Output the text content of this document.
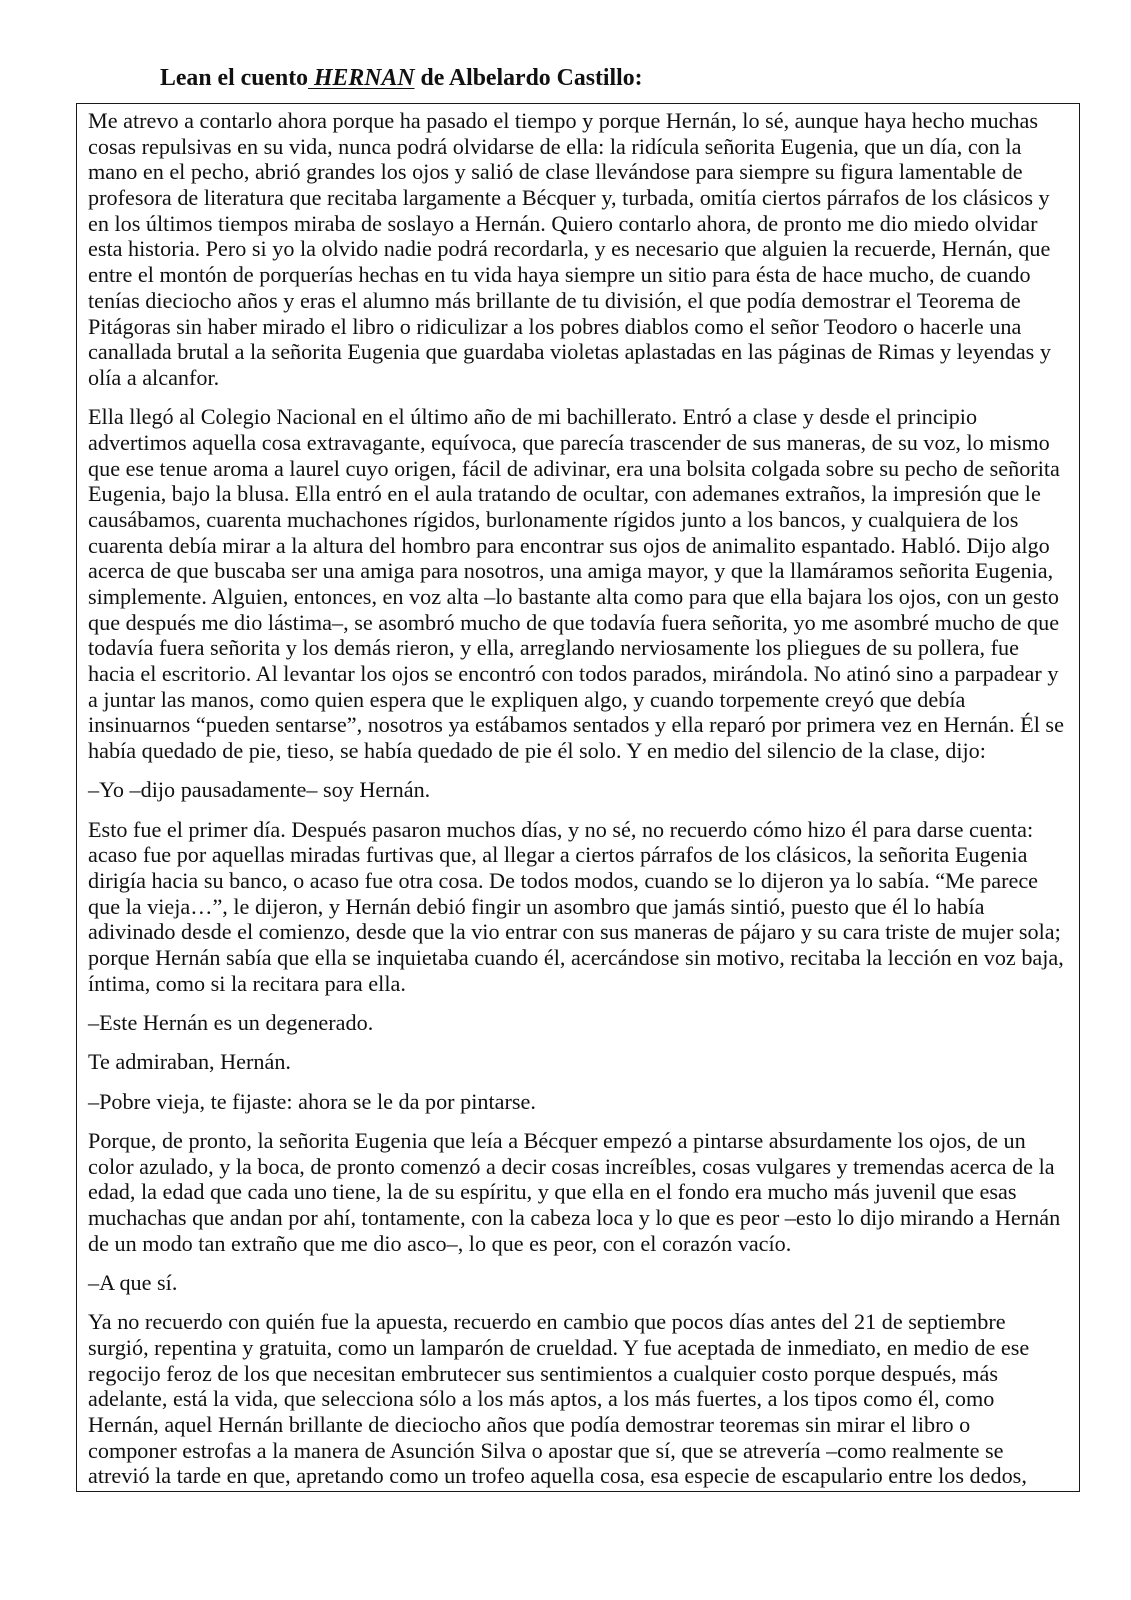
Lean el cuento HERNAN de Albelardo Castillo:
Me atrevo a contarlo ahora porque ha pasado el tiempo y porque Hernán, lo sé, aunque haya hecho muchas
cosas repulsivas en su vida, nunca podrá olvidarse de ella: la ridícula señorita Eugenia, que un día, con la
mano en el pecho, abrió grandes los ojos y salió de clase llevándose para siempre su figura lamentable de
profesora de literatura que recitaba largamente a Bécquer y, turbada, omitía ciertos párrafos de los clásicos y
en los últimos tiempos miraba de soslayo a Hernán. Quiero contarlo ahora, de pronto me dio miedo olvidar
esta historia. Pero si yo la olvido nadie podrá recordarla, y es necesario que alguien la recuerde, Hernán, que
entre el montón de porquerías hechas en tu vida haya siempre un sitio para ésta de hace mucho, de cuando
tenías dieciocho años y eras el alumno más brillante de tu división, el que podía demostrar el Teorema de
Pitágoras sin haber mirado el libro o ridiculizar a los pobres diablos como el señor Teodoro o hacerle una
canallada brutal a la señorita Eugenia que guardaba violetas aplastadas en las páginas de Rimas y leyendas y
olía a alcanfor.
Ella llegó al Colegio Nacional en el último año de mi bachillerato. Entró a clase y desde el principio
advertimos aquella cosa extravagante, equívoca, que parecía trascender de sus maneras, de su voz, lo mismo
que ese tenue aroma a laurel cuyo origen, fácil de adivinar, era una bolsita colgada sobre su pecho de señorita
Eugenia, bajo la blusa. Ella entró en el aula tratando de ocultar, con ademanes extraños, la impresión que le
causábamos, cuarenta muchachones rígidos, burlonamente rígidos junto a los bancos, y cualquiera de los
cuarenta debía mirar a la altura del hombro para encontrar sus ojos de animalito espantado. Habló. Dijo algo
acerca de que buscaba ser una amiga para nosotros, una amiga mayor, y que la llamáramos señorita Eugenia,
simplemente. Alguien, entonces, en voz alta –lo bastante alta como para que ella bajara los ojos, con un gesto
que después me dio lástima–, se asombró mucho de que todavía fuera señorita, yo me asombré mucho de que
todavía fuera señorita y los demás rieron, y ella, arreglando nerviosamente los pliegues de su pollera, fue
hacia el escritorio. Al levantar los ojos se encontró con todos parados, mirándola. No atinó sino a parpadear y
a juntar las manos, como quien espera que le expliquen algo, y cuando torpemente creyó que debía
insinuarnos “pueden sentarse”, nosotros ya estábamos sentados y ella reparó por primera vez en Hernán. Él se
había quedado de pie, tieso, se había quedado de pie él solo. Y en medio del silencio de la clase, dijo:
–Yo –dijo pausadamente– soy Hernán.
Esto fue el primer día. Después pasaron muchos días, y no sé, no recuerdo cómo hizo él para darse cuenta:
acaso fue por aquellas miradas furtivas que, al llegar a ciertos párrafos de los clásicos, la señorita Eugenia
dirigía hacia su banco, o acaso fue otra cosa. De todos modos, cuando se lo dijeron ya lo sabía. “Me parece
que la vieja…”, le dijeron, y Hernán debió fingir un asombro que jamás sintió, puesto que él lo había
adivinado desde el comienzo, desde que la vio entrar con sus maneras de pájaro y su cara triste de mujer sola;
porque Hernán sabía que ella se inquietaba cuando él, acercándose sin motivo, recitaba la lección en voz baja,
íntima, como si la recitara para ella.
–Este Hernán es un degenerado.
Te admiraban, Hernán.
–Pobre vieja, te fijaste: ahora se le da por pintarse.
Porque, de pronto, la señorita Eugenia que leía a Bécquer empezó a pintarse absurdamente los ojos, de un
color azulado, y la boca, de pronto comenzó a decir cosas increíbles, cosas vulgares y tremendas acerca de la
edad, la edad que cada uno tiene, la de su espíritu, y que ella en el fondo era mucho más juvenil que esas
muchachas que andan por ahí, tontamente, con la cabeza loca y lo que es peor –esto lo dijo mirando a Hernán
de un modo tan extraño que me dio asco–, lo que es peor, con el corazón vacío.
–A que sí.
Ya no recuerdo con quién fue la apuesta, recuerdo en cambio que pocos días antes del 21 de septiembre
surgió, repentina y gratuita, como un lamparón de crueldad. Y fue aceptada de inmediato, en medio de ese
regocijo feroz de los que necesitan embrutecer sus sentimientos a cualquier costo porque después, más
adelante, está la vida, que selecciona sólo a los más aptos, a los más fuertes, a los tipos como él, como
Hernán, aquel Hernán brillante de dieciocho años que podía demostrar teoremas sin mirar el libro o
componer estrofas a la manera de Asunción Silva o apostar que sí, que se atrevería –como realmente se
atrevió la tarde en que, apretando como un trofeo aquella cosa, esa especie de escapulario entre los dedos,
